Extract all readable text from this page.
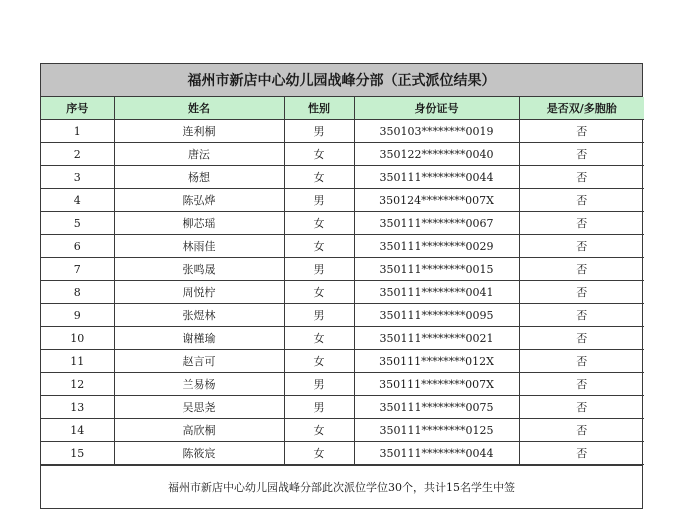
福州市新店中心幼儿园战峰分部（正式派位结果）
序号	姓名	性别	身份证号	是否双/多胞胎
1	连利桐	男	350103********0019	否
2	唐沄	女	350122********0040	否
3	杨想	女	350111********0044	否
4	陈弘烨	男	350124********007X	否
5	柳芯瑶	女	350111********0067	否
6	林雨佳	女	350111********0029	否
7	张鸣晟	男	350111********0015	否
8	周悦柠	女	350111********0041	否
9	张煜林	男	350111********0095	否
10	谢槿瑜	女	350111********0021	否
11	赵言可	女	350111********012X	否
12	兰易杨	男	350111********007X	否
13	吴思尧	男	350111********0075	否
14	高欣桐	女	350111********0125	否
15	陈筱宸	女	350111********0044	否
福州市新店中心幼儿园战峰分部此次派位学位30个，共计15名学生中签
